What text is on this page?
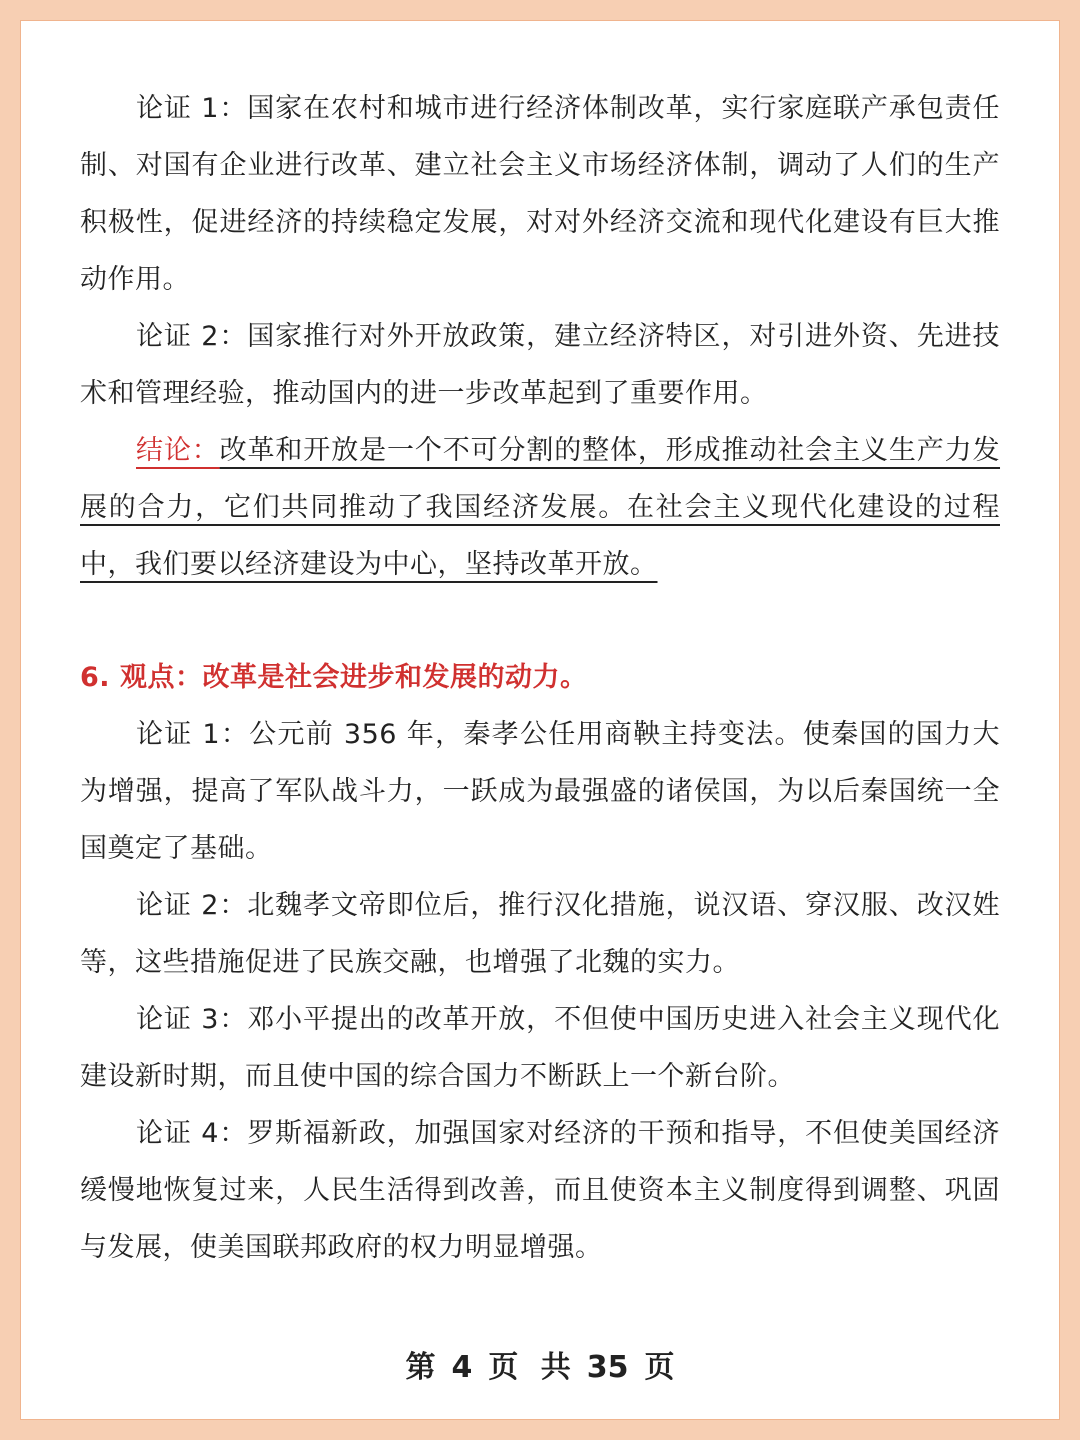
论证 1：国家在农村和城市进行经济体制改革，实行家庭联产承包责任制、对国有企业进行改革、建立社会主义市场经济体制，调动了人们的生产积极性，促进经济的持续稳定发展，对对外经济交流和现代化建设有巨大推动作用。

论证 2：国家推行对外开放政策，建立经济特区，对引进外资、先进技术和管理经验，推动国内的进一步改革起到了重要作用。

结论：改革和开放是一个不可分割的整体，形成推动社会主义生产力发展的合力，它们共同推动了我国经济发展。在社会主义现代化建设的过程中，我们要以经济建设为中心，坚持改革开放。

6. 观点：改革是社会进步和发展的动力。

论证 1：公元前 356 年，秦孝公任用商鞅主持变法。使秦国的国力大为增强，提高了军队战斗力，一跃成为最强盛的诸侯国，为以后秦国统一全国奠定了基础。

论证 2：北魏孝文帝即位后，推行汉化措施，说汉语、穿汉服、改汉姓等，这些措施促进了民族交融，也增强了北魏的实力。

论证 3：邓小平提出的改革开放，不但使中国历史进入社会主义现代化建设新时期，而且使中国的综合国力不断跃上一个新台阶。

论证 4：罗斯福新政，加强国家对经济的干预和指导，不但使美国经济缓慢地恢复过来，人民生活得到改善，而且使资本主义制度得到调整、巩固与发展，使美国联邦政府的权力明显增强。

第 4 页 共 35 页
